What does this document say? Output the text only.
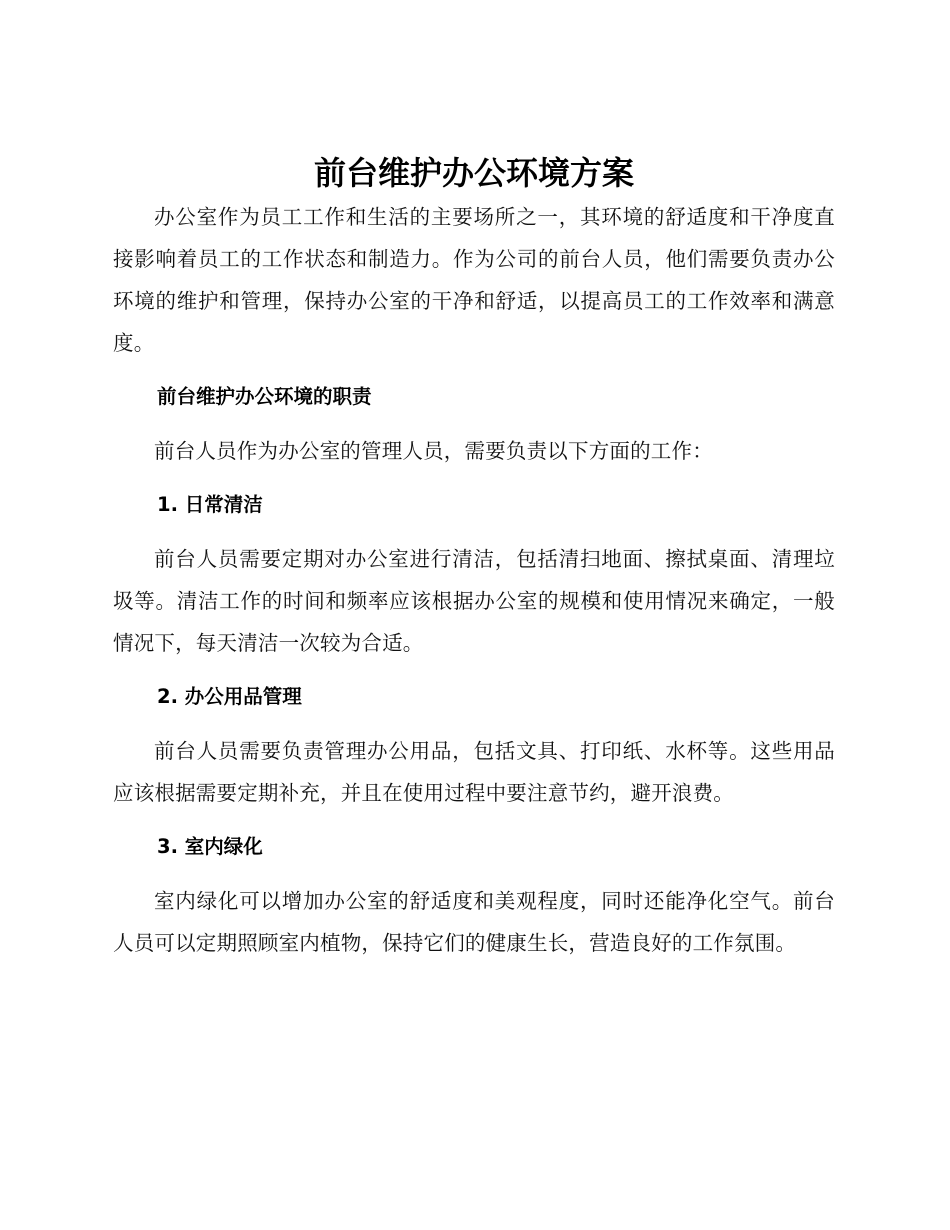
前台维护办公环境方案

办公室作为员工工作和生活的主要场所之一，其环境的舒适度和干净度直接影响着员工的工作状态和制造力。作为公司的前台人员，他们需要负责办公环境的维护和管理，保持办公室的干净和舒适，以提高员工的工作效率和满意度。

前台维护办公环境的职责

前台人员作为办公室的管理人员，需要负责以下方面的工作：

1. 日常清洁

前台人员需要定期对办公室进行清洁，包括清扫地面、擦拭桌面、清理垃圾等。清洁工作的时间和频率应该根据办公室的规模和使用情况来确定，一般情况下，每天清洁一次较为合适。

2. 办公用品管理

前台人员需要负责管理办公用品，包括文具、打印纸、水杯等。这些用品应该根据需要定期补充，并且在使用过程中要注意节约，避开浪费。

3. 室内绿化

室内绿化可以增加办公室的舒适度和美观程度，同时还能净化空气。前台人员可以定期照顾室内植物，保持它们的健康生长，营造良好的工作氛围。
